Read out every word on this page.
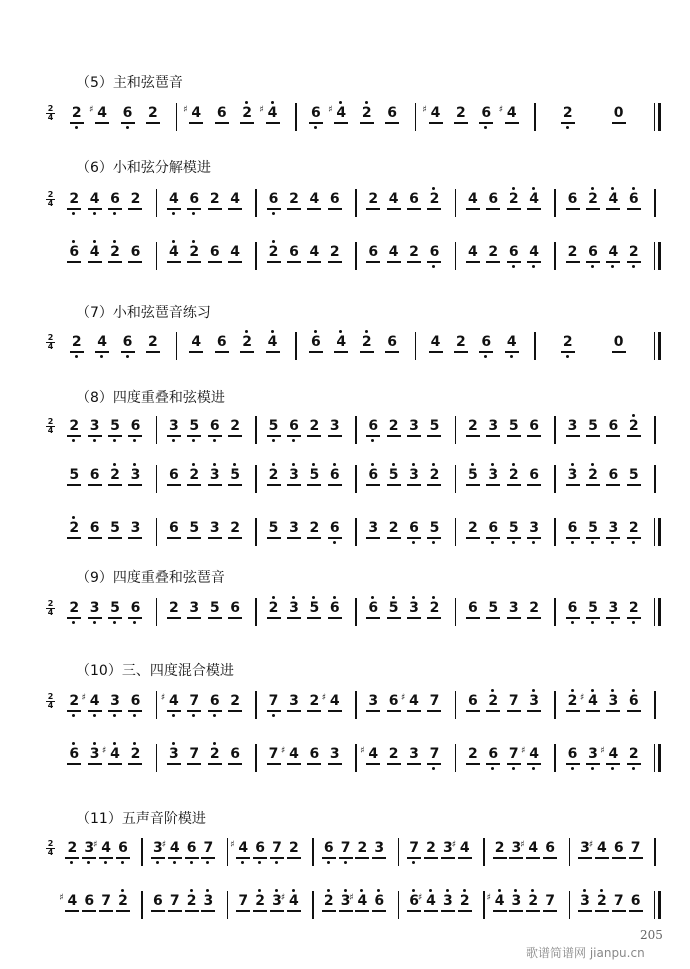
（5）主和弦琶音
2
4 2 4
♯ 6 2 4
♯ 6 2 4
♯	6 4
♯ 2 6 4
♯ 2 6 4
♯	2	0
（6）小和弦分解模进
2
4 2 4 6 2 4 6 2 4 6 2 4 6 2 4 6 2 4 6 2 4 6 2 4 6
6 4 2 6 4 2 6 4 2 6 4 2 6 4 2 6 4 2 6 4 2 6 4 2
（7）小和弦琶音练习
2
4 2 4 6 2 4 6 2 4 6 4 2 6 4 2 6 4	2	0
（8）四度重叠和弦模进
2
4 2 3 5 6 3 5 6 2 5 6 2 3 6 2 3 5 2 3 5 6 3 5 6 2
5 6 2 3 6 2 3 5 2 3 5 6 6 5 3 2 5 3 2 6 3 2 6 5
2 6 5 3 6 5 3 2 5 3 2 6 3 2 6 5 2 6 5 3 6 5 3 2
（9）四度重叠和弦琶音
2
4 2 3 5 6 2 3 5 6 2 3 5 6 6 5 3 2 6 5 3 2 6 5 3 2
（10）三、四度混合模进
2
4 2 4
♯ 3 6 4
♯ 7 6 2 7 3 2 4
♯	3 6 4
♯ 7 6 2 7 3 2 4
♯ 3 6
6 3 4
♯ 2 3 7 2 6 7 4
♯ 6 3 4
♯ 2 3 7 2 6 7 4
♯	6 3 4
♯ 2
（11）五声音阶模进
2
4 2 3 4
♯ 6 3 4
♯ 6 7 4
♯ 6 7 2 6 7 2 3 7 2 3 4
♯	2 3 4
♯ 6 3 4
♯ 6 7
4
♯ 6 7 2 6 7 2 3 7 2 3 4
♯	2 3 4
♯ 6 6 4
♯ 3 2 4
♯ 3 2 7 3 2 7 6
205
歌谱简谱网 jianpu.cn
